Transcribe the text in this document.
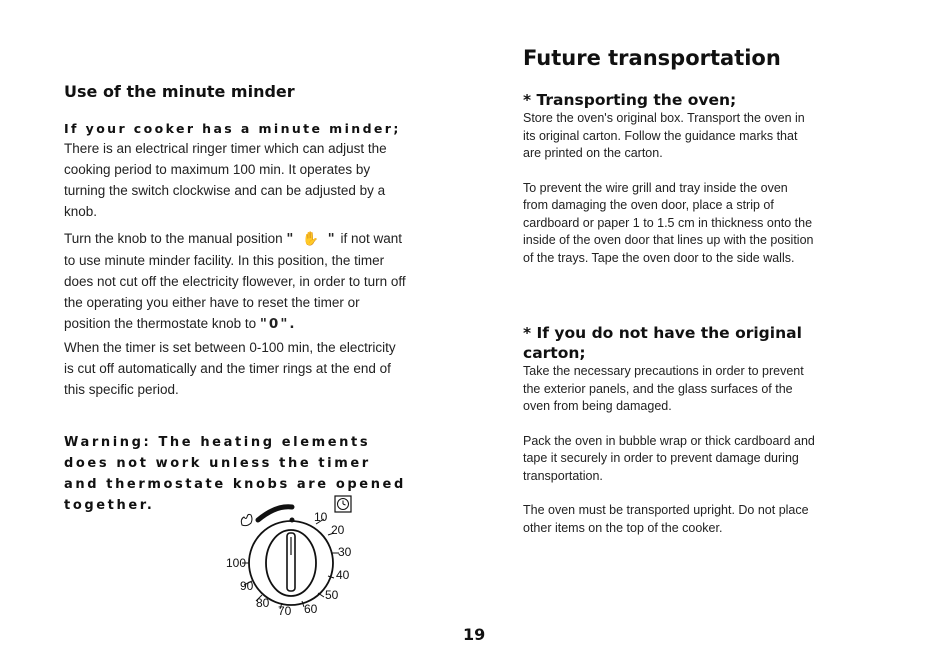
Use of the minute minder
If your cooker has a minute minder;

There is an electrical ringer timer which can adjust the cooking period to maximum 100 min. It operates by turning the switch clockwise and can be adjusted by a knob.

Turn the knob to the manual position " ✋ " if not want to use minute minder facility. In this position, the timer

does not cut off the electricity flowever, in order to turn off the operating you either have to reset the timer or position the thermostate knob to "0".

When the timer is set between 0-100 min, the electricity is cut off automatically and the timer rings at the end of this specific period.

Warning: The heating elements does not work unless the timer and thermostate knobs are opened together.
10
20
30
40
50
60
70
80
90
100
Future transportation
* Transporting the oven;

Store the oven's original box. Transport the oven in its original carton. Follow the guidance marks that are printed on the carton.

To prevent the wire grill and tray inside the oven from damaging the oven door, place a strip of cardboard or paper 1 to 1.5 cm in thickness onto the inside of the oven door that lines up with the position of the trays. Tape the oven door to the side walls.

* If you do not have the original carton;

Take the necessary precautions in order to prevent the exterior panels, and the glass surfaces of the oven from being damaged.

Pack the oven in bubble wrap or thick cardboard and tape it securely in order to prevent damage during transportation.

The oven must be transported upright. Do not place other items on the top of the cooker.

19
